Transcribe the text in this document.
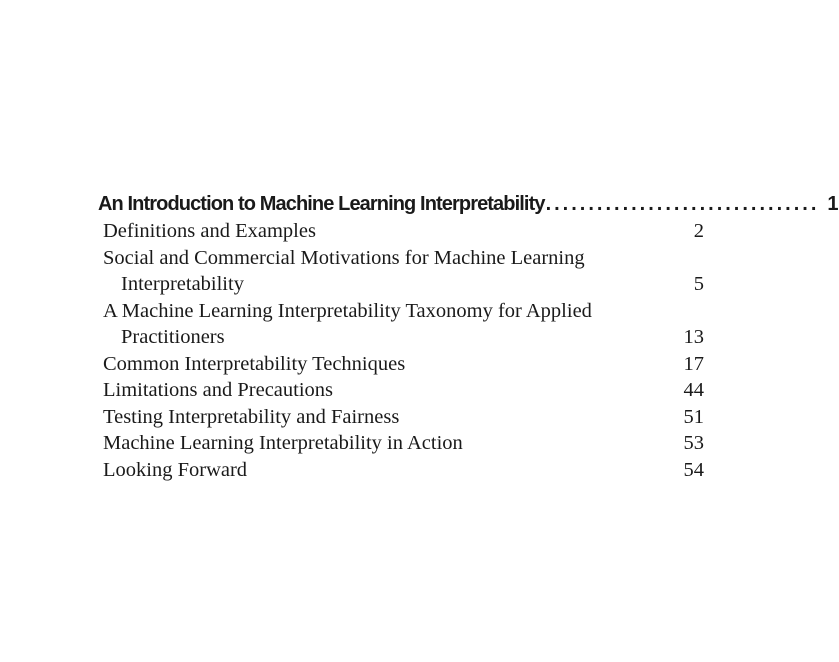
An Introduction to Machine Learning Interpretability ................................ 1
Definitions and Examples	2
Social and Commercial Motivations for Machine Learning
Interpretability	5
A Machine Learning Interpretability Taxonomy for Applied
Practitioners	13
Common Interpretability Techniques	17
Limitations and Precautions	44
Testing Interpretability and Fairness	51
Machine Learning Interpretability in Action	53
Looking Forward	54
